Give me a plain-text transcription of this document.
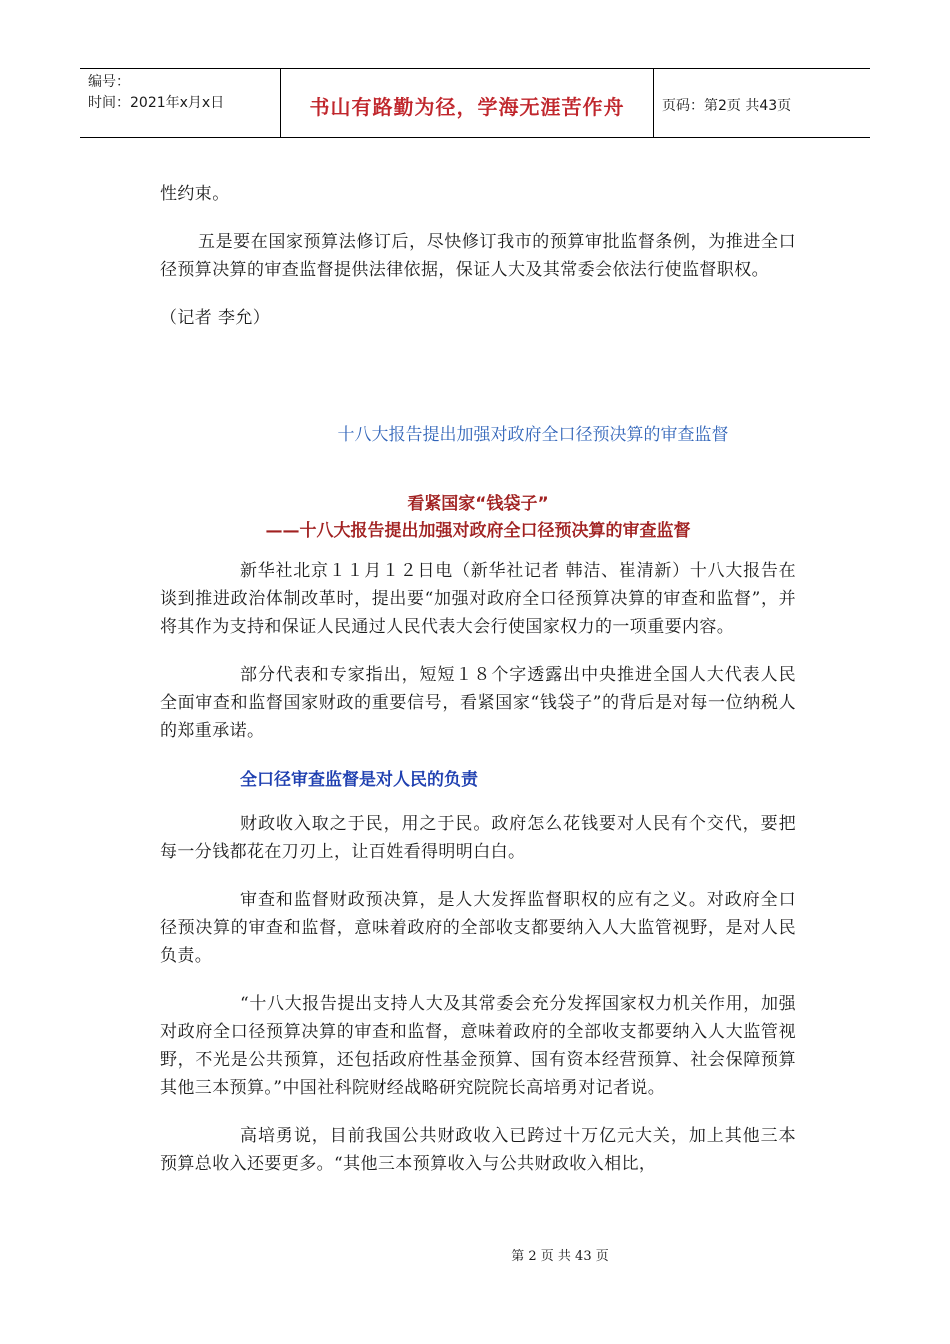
编号：
时间：2021年x月x日	书山有路勤为径，学海无涯苦作舟	页码：第2页 共43页

性约束。

五是要在国家预算法修订后，尽快修订我市的预算审批监督条例，为推进全口径预算决算的审查监督提供法律依据，保证人大及其常委会依法行使监督职权。

（记者 李允）

十八大报告提出加强对政府全口径预决算的审查监督

看紧国家“钱袋子”

——十八大报告提出加强对政府全口径预决算的审查监督

新华社北京１１月１２日电（新华社记者 韩洁、崔清新）十八大报告在谈到推进政治体制改革时，提出要“加强对政府全口径预算决算的审查和监督”，并将其作为支持和保证人民通过人民代表大会行使国家权力的一项重要内容。

部分代表和专家指出，短短１８个字透露出中央推进全国人大代表人民全面审查和监督国家财政的重要信号，看紧国家“钱袋子”的背后是对每一位纳税人的郑重承诺。

全口径审查监督是对人民的负责

财政收入取之于民，用之于民。政府怎么花钱要对人民有个交代，要把每一分钱都花在刀刃上，让百姓看得明明白白。

审查和监督财政预决算，是人大发挥监督职权的应有之义。对政府全口径预决算的审查和监督，意味着政府的全部收支都要纳入人大监管视野，是对人民负责。

“十八大报告提出支持人大及其常委会充分发挥国家权力机关作用，加强对政府全口径预算决算的审查和监督，意味着政府的全部收支都要纳入人大监管视野，不光是公共预算，还包括政府性基金预算、国有资本经营预算、社会保障预算其他三本预算。”中国社科院财经战略研究院院长高培勇对记者说。

高培勇说，目前我国公共财政收入已跨过十万亿元大关，加上其他三本预算总收入还要更多。“其他三本预算收入与公共财政收入相比，

第 2 页 共 43 页
